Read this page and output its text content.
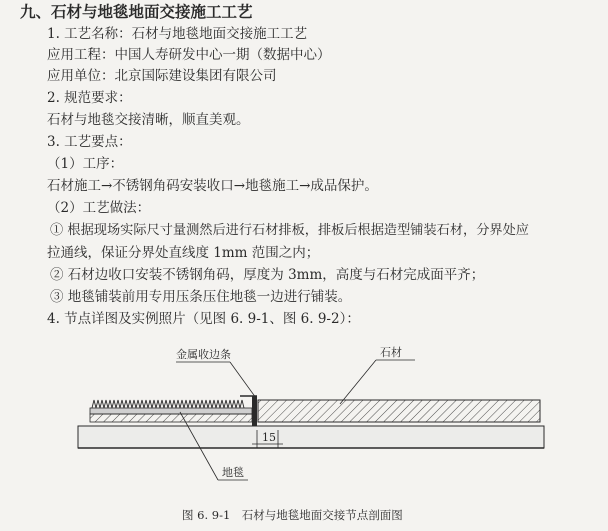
九、石材与地毯地面交接施工工艺
1. 工艺名称：石材与地毯地面交接施工工艺
应用工程：中国人寿研发中心一期（数据中心）
应用单位：北京国际建设集团有限公司
2. 规范要求：
石材与地毯交接清晰，顺直美观。
3. 工艺要点：
（1）工序：
石材施工→不锈钢角码安装收口→地毯施工→成品保护。
（2）工艺做法：
① 根据现场实际尺寸量测然后进行石材排板，排板后根据造型铺装石材，分界处应
拉通线，保证分界处直线度 1mm 范围之内；
② 石材边收口安装不锈钢角码，厚度为 3mm，高度与石材完成面平齐；
③ 地毯铺装前用专用压条压住地毯一边进行铺装。
4. 节点详图及实例照片（见图 6. 9-1、图 6. 9-2）：
金属收边条	石材
15
地毯
图 6. 9-1　石材与地毯地面交接节点剖面图
